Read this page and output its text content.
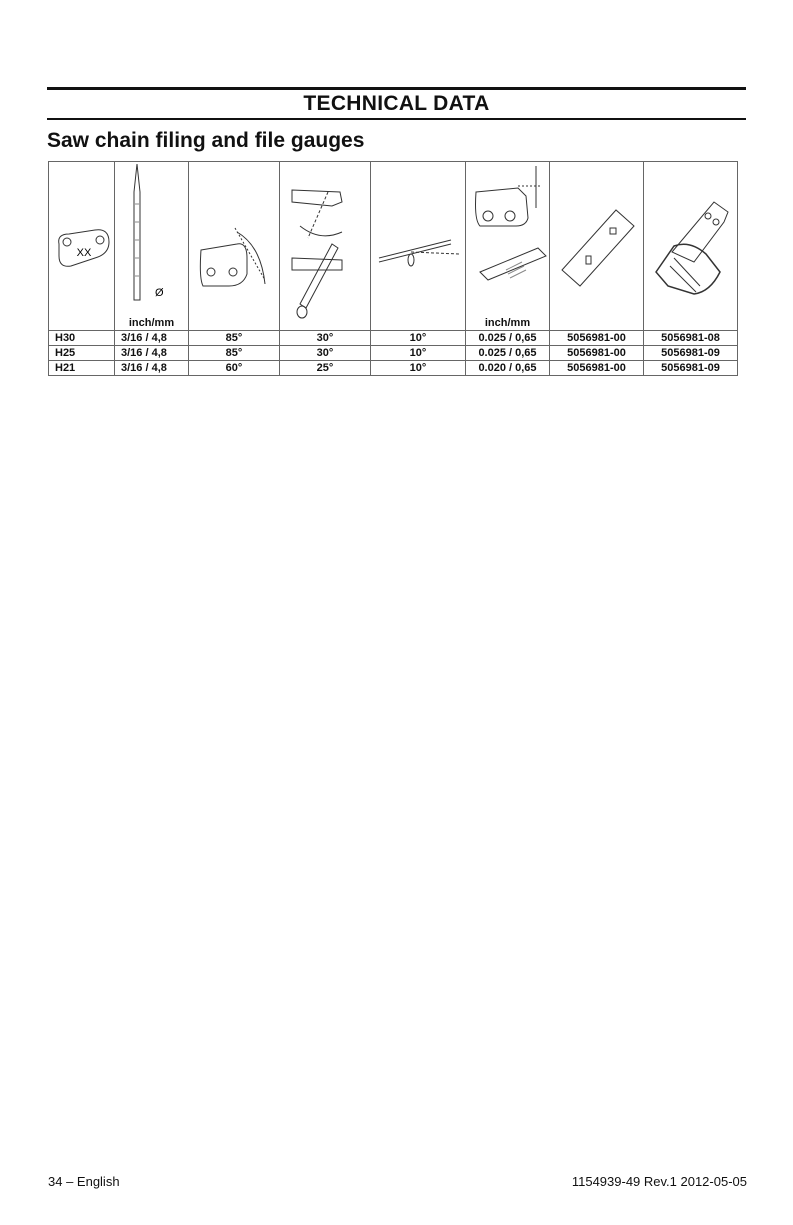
TECHNICAL DATA
Saw chain filing and file gauges
XX	Ø
inch/mm				inch/mm

H30	3/16 / 4,8	85°	30°	10°	0.025 / 0,65	5056981-00	5056981-08
H25	3/16 / 4,8	85°	30°	10°	0.025 / 0,65	5056981-00	5056981-09
H21	3/16 / 4,8	60°	25°	10°	0.020 / 0,65	5056981-00	5056981-09
34 – English	1154939-49 Rev.1 2012-05-05
